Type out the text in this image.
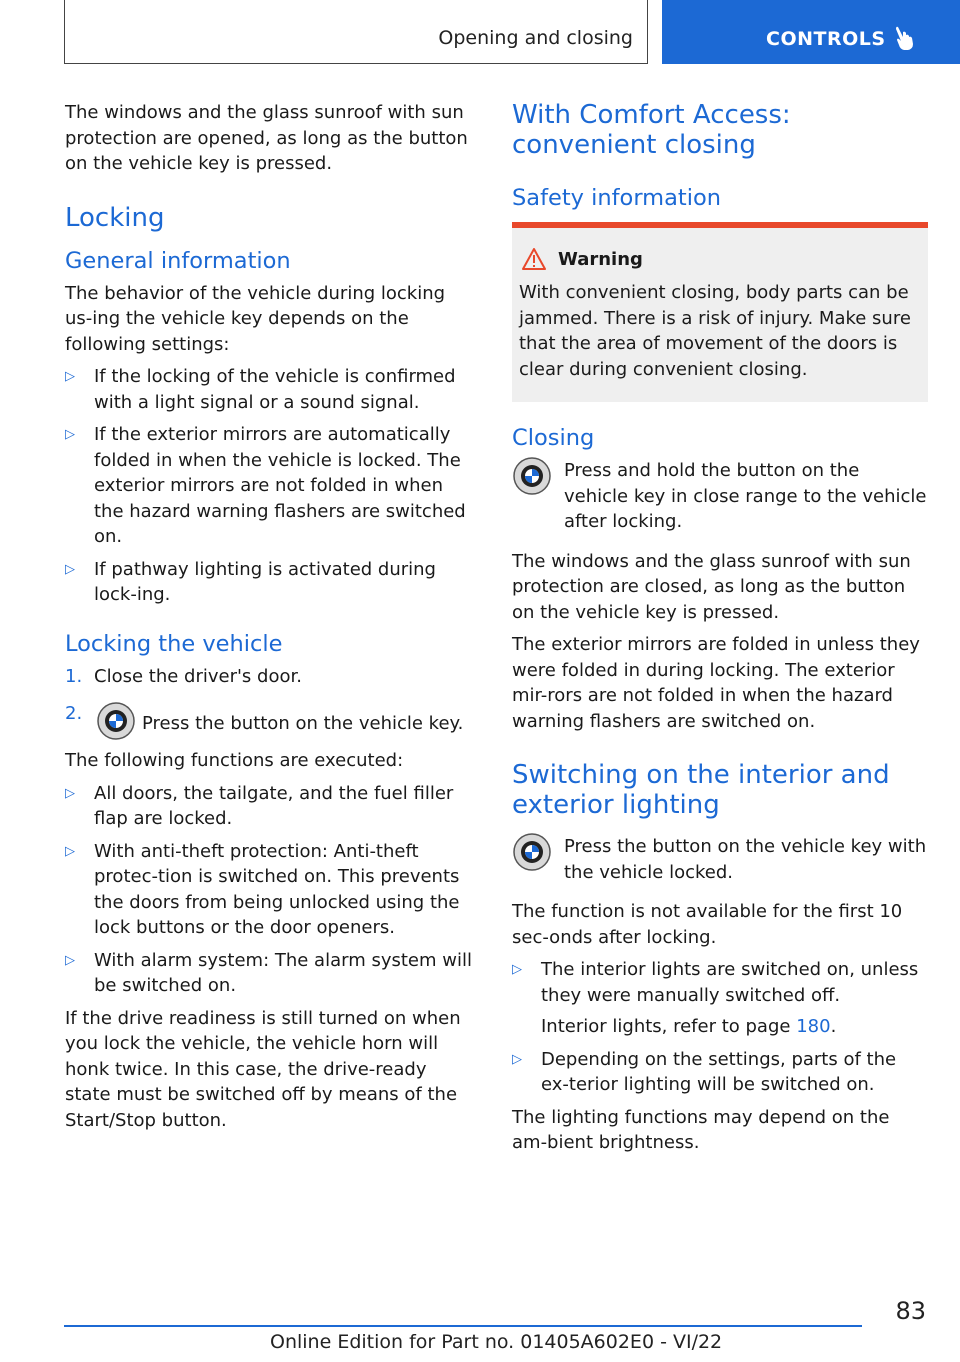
Opening and closing	CONTROLS

The windows and the glass sunroof with sun protection are opened, as long as the button on the vehicle key is pressed.

Locking
General information

The behavior of the vehicle during locking us-ing the vehicle key depends on the following settings:

▷ If the locking of the vehicle is confirmed with a light signal or a sound signal.
▷ If the exterior mirrors are automatically folded in when the vehicle is locked. The exterior mirrors are not folded in when the hazard warning flashers are switched on.
▷ If pathway lighting is activated during lock-ing.
Locking the vehicle
1. Close the driver's door.
2.	Press the button on the vehicle key.

The following functions are executed:

▷ All doors, the tailgate, and the fuel filler flap are locked.
▷ With anti-theft protection: Anti-theft protec-tion is switched on. This prevents the doors from being unlocked using the lock buttons or the door openers.
▷ With alarm system: The alarm system will be switched on.

If the drive readiness is still turned on when you lock the vehicle, the vehicle horn will honk twice. In this case, the drive-ready state must be switched off by means of the Start/Stop button.

With Comfort Access: convenient closing
Safety information
Warning

With convenient closing, body parts can be jammed. There is a risk of injury. Make sure that the area of movement of the doors is clear during convenient closing.

Closing

Press and hold the button on the vehicle key in close range to the vehicle after locking.

The windows and the glass sunroof with sun protection are closed, as long as the button on the vehicle key is pressed.

The exterior mirrors are folded in unless they were folded in during locking. The exterior mir-rors are not folded in when the hazard warning flashers are switched on.

Switching on the interior and exterior lighting

Press the button on the vehicle key with the vehicle locked.

The function is not available for the first 10 sec-onds after locking.

▷ The interior lights are switched on, unless they were manually switched off.
Interior lights, refer to page 180.
▷ Depending on the settings, parts of the ex-terior lighting will be switched on.

The lighting functions may depend on the am-bient brightness.

83
Online Edition for Part no. 01405A602E0 - VI/22
